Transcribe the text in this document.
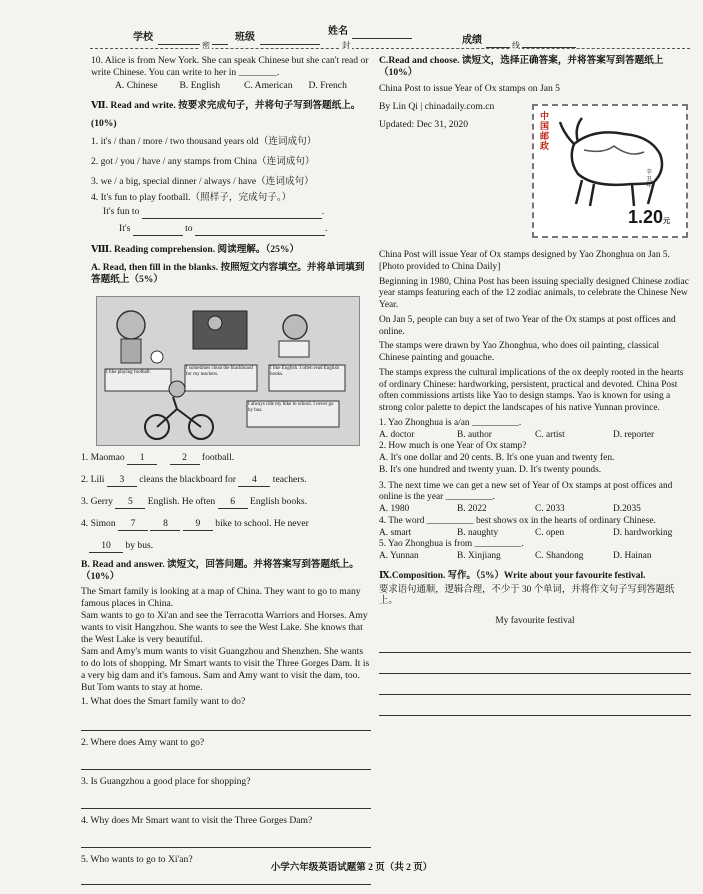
学校	班级
姓名
成绩
密	封	线

10. Alice is from New York. She can speak Chinese but she can't read or write Chinese. You can write to her in ________.

A. Chinese	B. English	C. American	D. French

Ⅶ. Read and write. 按要求完成句子，并将句子写到答题纸上。

(10%)

1. it's / than / more / two thousand years old（连词成句）

2. got / you / have / any stamps from China（连词成句）

3. we / a big, special dinner / always / have（连词成句）

4. It's fun to play football.（照样子，完成句子。）

It's fun to	.

It's	to	.

Ⅷ. Reading comprehension. 阅读理解。（25%）

A. Read, then fill in the blanks. 按照短文内容填空。并将单词填到答题纸上（5%）

I like playing football.
I sometimes clean the blackboard for my teachers.
I like English. I often read English books.
I always ride my bike to school. I never go by bus.

1. Maomao 1	2 football.

2. Lili 3 cleans the blackboard for 4 teachers.

3. Gerry 5 English. He often 6 English books.

4. Simon 7	8	9 bike to school. He never

10 by bus.

B. Read and answer. 读短文，回答问题。并将答案写到答题纸上。（10%）

The Smart family is looking at a map of China. They want to go to many famous places in China.

Sam wants to go to Xi'an and see the Terracotta Warriors and Horses. Amy wants to visit Hangzhou. She wants to see the West Lake. She knows that the West Lake is very beautiful.

Sam and Amy's mum wants to visit Guangzhou and Shenzhen. She wants to do lots of shopping. Mr Smart wants to visit the Three Gorges Dam. It is a very big dam and it's famous. Sam and Amy want to visit the dam, too. But Tom wants to stay at home.

1. What does the Smart family want to do?

2. Where does Amy want to go?

3. Is Guangzhou a good place for shopping?

4. Why does Mr Smart want to visit the Three Gorges Dam?

5. Who wants to go to Xi'an?

C.Read and choose. 读短文，选择正确答案，并将答案写到答题纸上（10%）

China Post to issue Year of Ox stamps on Jan 5

By Lin Qi | chinadaily.com.cn

Updated: Dec 31, 2020

中国邮政
辛丑年
1.20元

China Post will issue Year of Ox stamps designed by Yao Zhonghua on Jan 5. [Photo provided to China Daily]

Beginning in 1980, China Post has been issuing specially designed Chinese zodiac year stamps featuring each of the 12 zodiac animals, to celebrate the Chinese New Year.

On Jan 5, people can buy a set of two Year of the Ox stamps at post offices and online.

The stamps were drawn by Yao Zhonghua, who does oil painting, classical Chinese painting and gouache.

The stamps express the cultural implications of the ox deeply rooted in the hearts of ordinary Chinese: hardworking, persistent, practical and devoted. China Post often commissions artists like Yao to design stamps. Yao is known for using a strong color palette to depict the landscapes of his native Yunnan province.

1. Yao Zhonghua is a/an __________.

A. doctor	B. author	C. artist	D. reporter

2. How much is one Year of Ox stamp?

A. It's one dollar and 20 cents. B. It's one yuan and twenty fen.

B. It's one hundred and twenty yuan. D. It's twenty pounds.

3. The next time we can get a new set of Year of Ox stamps at post offices and online is the year __________.

A. 1980	B. 2022	C. 2033	D.2035

4. The word __________ best shows ox in the hearts of ordinary Chinese.

A. smart	B. naughty	C. open	D. hardworking

5. Yao Zhonghua is from __________.

A. Yunnan	B. Xinjiang	C. Shandong	D. Hainan

Ⅸ.Composition. 写作。（5%）Write about your favourite festival.

要求语句通顺，逻辑合理，不少于 30 个单词，并将作文句子写到答题纸上。

My favourite festival

小学六年级英语试题第 2 页（共 2 页）
